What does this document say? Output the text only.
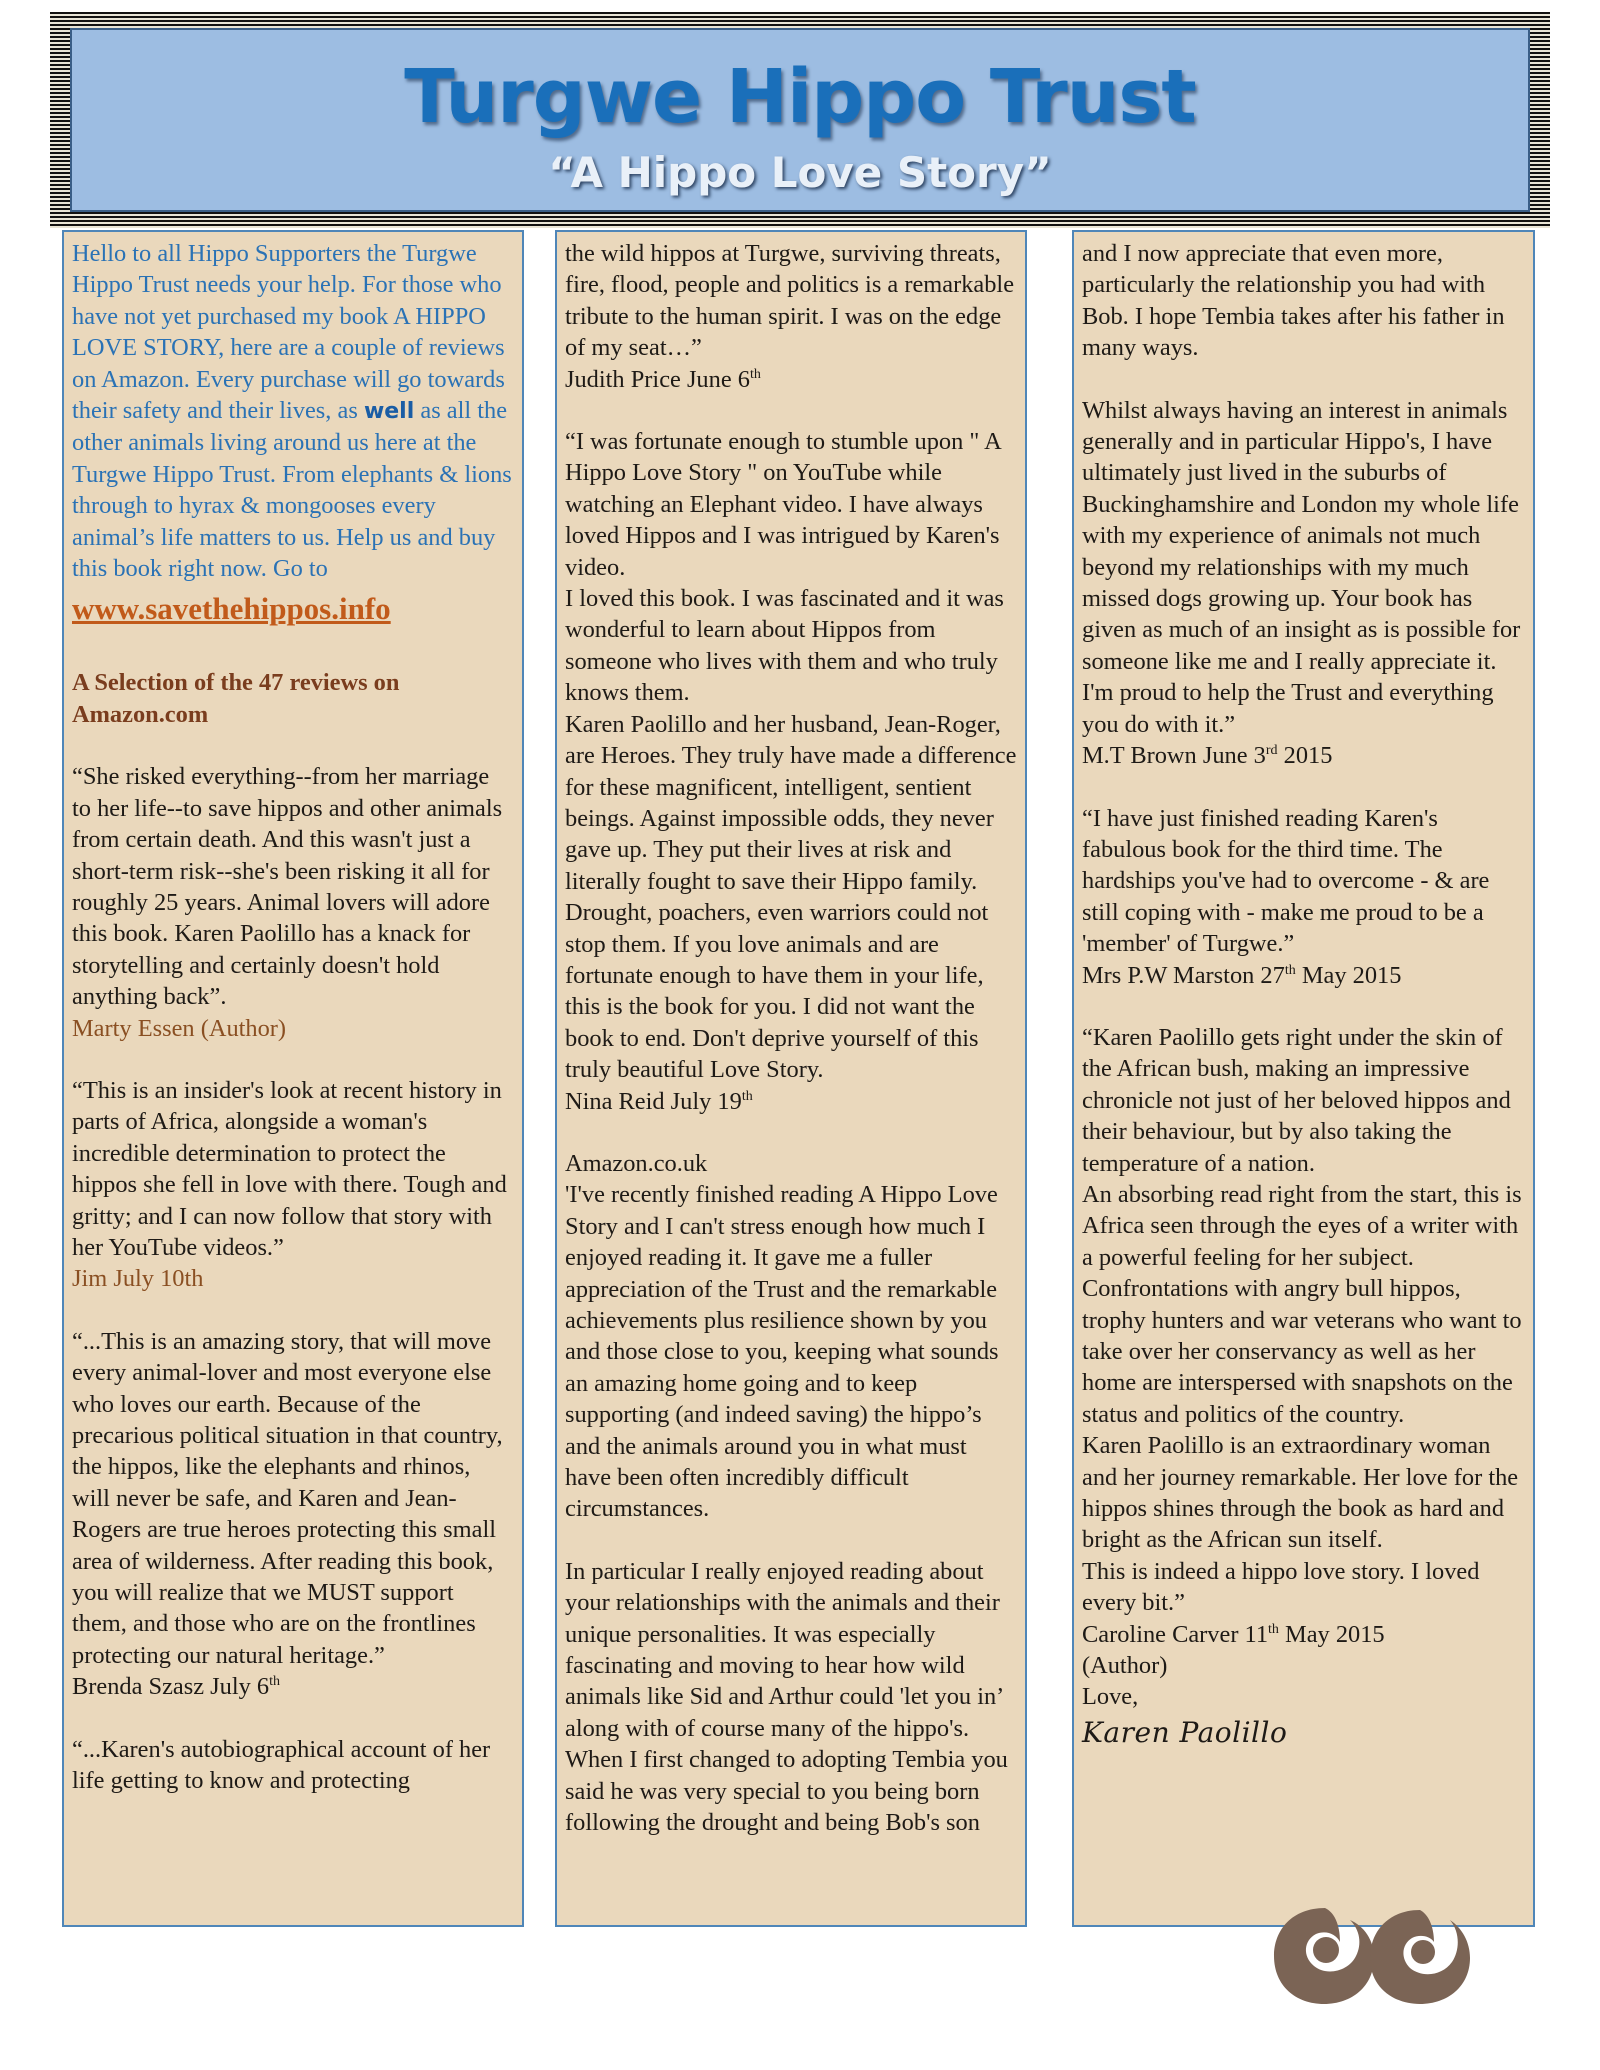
Turgwe Hippo Trust
“A Hippo Love Story”

Hello to all Hippo Supporters the Turgwe Hippo Trust needs your help. For those who have not yet purchased my book A HIPPO LOVE STORY, here are a couple of reviews on Amazon. Every purchase will go towards their safety and their lives, as well as all the other animals living around us here at the Turgwe Hippo Trust. From elephants & lions through to hyrax & mongooses every animal’s life matters to us. Help us and buy this book right now. Go to

www.savethehippos.info

A Selection of the 47 reviews on Amazon.com

“She risked everything--from her marriage to her life--to save hippos and other animals from certain death. And this wasn't just a short-term risk--she's been risking it all for roughly 25 years. Animal lovers will adore this book. Karen Paolillo has a knack for storytelling and certainly doesn't hold anything back”.

Marty Essen (Author)

“This is an insider's look at recent history in parts of Africa, alongside a woman's incredible determination to protect the hippos she fell in love with there. Tough and gritty; and I can now follow that story with her YouTube videos.”

Jim July 10th

“...This is an amazing story, that will move every animal-lover and most everyone else who loves our earth. Because of the precarious political situation in that country, the hippos, like the elephants and rhinos, will never be safe, and Karen and Jean-Rogers are true heroes protecting this small area of wilderness. After reading this book, you will realize that we MUST support them, and those who are on the frontlines protecting our natural heritage.”

Brenda Szasz July 6th

“...Karen's autobiographical account of her life getting to know and protecting

the wild hippos at Turgwe, surviving threats, fire, flood, people and politics is a remarkable tribute to the human spirit. I was on the edge of my seat…”

Judith Price June 6th

“I was fortunate enough to stumble upon " A Hippo Love Story " on YouTube while watching an Elephant video. I have always loved Hippos and I was intrigued by Karen's video.

I loved this book. I was fascinated and it was wonderful to learn about Hippos from someone who lives with them and who truly knows them.

Karen Paolillo and her husband, Jean-Roger, are Heroes. They truly have made a difference for these magnificent, intelligent, sentient beings. Against impossible odds, they never gave up. They put their lives at risk and literally fought to save their Hippo family. Drought, poachers, even warriors could not stop them. If you love animals and are fortunate enough to have them in your life, this is the book for you. I did not want the book to end. Don't deprive yourself of this truly beautiful Love Story.

Nina Reid July 19th

Amazon.co.uk

'I've recently finished reading A Hippo Love Story and I can't stress enough how much I enjoyed reading it. It gave me a fuller appreciation of the Trust and the remarkable achievements plus resilience shown by you and those close to you, keeping what sounds an amazing home going and to keep supporting (and indeed saving) the hippo’s and the animals around you in what must have been often incredibly difficult circumstances.

In particular I really enjoyed reading about your relationships with the animals and their unique personalities. It was especially fascinating and moving to hear how wild animals like Sid and Arthur could 'let you in’ along with of course many of the hippo's. When I first changed to adopting Tembia you said he was very special to you being born following the drought and being Bob's son

and I now appreciate that even more, particularly the relationship you had with Bob. I hope Tembia takes after his father in many ways.

Whilst always having an interest in animals generally and in particular Hippo's, I have ultimately just lived in the suburbs of Buckinghamshire and London my whole life with my experience of animals not much beyond my relationships with my much missed dogs growing up. Your book has given as much of an insight as is possible for someone like me and I really appreciate it. I'm proud to help the Trust and everything you do with it.”

M.T Brown June 3rd 2015

“I have just finished reading Karen's fabulous book for the third time. The hardships you've had to overcome - & are still coping with - make me proud to be a 'member' of Turgwe.”

Mrs P.W Marston 27th May 2015

“Karen Paolillo gets right under the skin of the African bush, making an impressive chronicle not just of her beloved hippos and their behaviour, but by also taking the temperature of a nation.

An absorbing read right from the start, this is Africa seen through the eyes of a writer with a powerful feeling for her subject. Confrontations with angry bull hippos, trophy hunters and war veterans who want to take over her conservancy as well as her home are interspersed with snapshots on the status and politics of the country.

Karen Paolillo is an extraordinary woman and her journey remarkable. Her love for the hippos shines through the book as hard and bright as the African sun itself.

This is indeed a hippo love story. I loved every bit.”

Caroline Carver 11th May 2015

(Author)

Love,

Karen Paolillo
